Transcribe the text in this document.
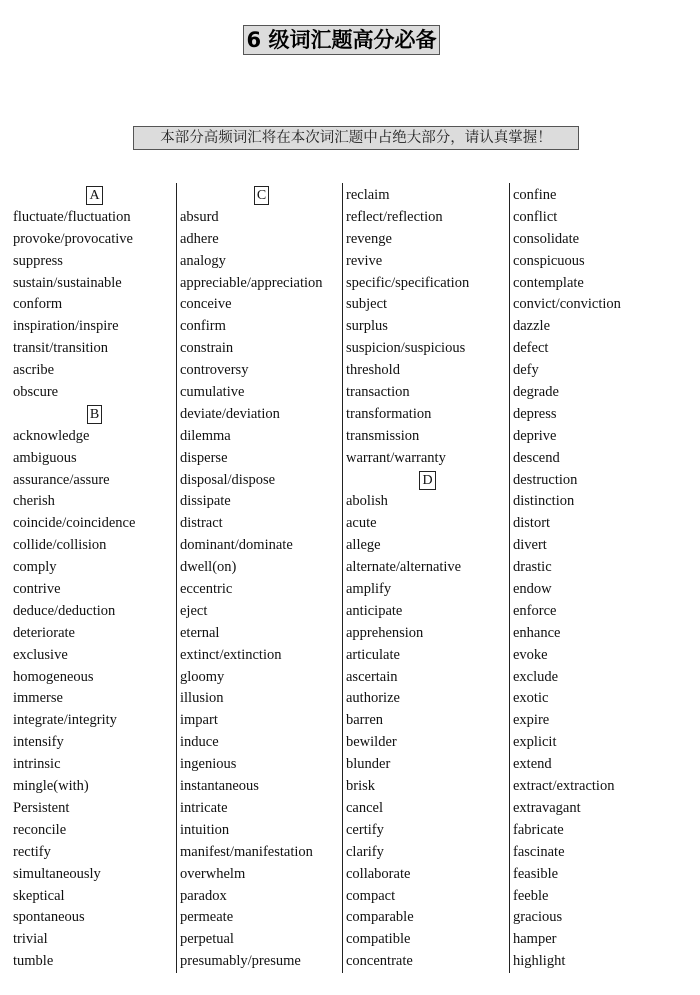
6 级词汇题高分必备
本部分高频词汇将在本次词汇题中占绝大部分，请认真掌握！
A
fluctuate/fluctuation
provoke/provocative
suppress
sustain/sustainable
conform
inspiration/inspire
transit/transition
ascribe
obscure
B
acknowledge
ambiguous
assurance/assure
cherish
coincide/coincidence
collide/collision
comply
contrive
deduce/deduction
deteriorate
exclusive
homogeneous
immerse
integrate/integrity
intensify
intrinsic
mingle(with)
Persistent
reconcile
rectify
simultaneously
skeptical
spontaneous
trivial
tumble
C
absurd
adhere
analogy
appreciable/appreciation
conceive
confirm
constrain
controversy
cumulative
deviate/deviation
dilemma
disperse
disposal/dispose
dissipate
distract
dominant/dominate
dwell(on)
eccentric
eject
eternal
extinct/extinction
gloomy
illusion
impart
induce
ingenious
instantaneous
intricate
intuition
manifest/manifestation
overwhelm
paradox
permeate
perpetual
presumably/presume
reclaim
reflect/reflection
revenge
revive
specific/specification
subject
surplus
suspicion/suspicious
threshold
transaction
transformation
transmission
warrant/warranty
D
abolish
acute
allege
alternate/alternative
amplify
anticipate
apprehension
articulate
ascertain
authorize
barren
bewilder
blunder
brisk
cancel
certify
clarify
collaborate
compact
comparable
compatible
concentrate
confine
conflict
consolidate
conspicuous
contemplate
convict/conviction
dazzle
defect
defy
degrade
depress
deprive
descend
destruction
distinction
distort
divert
drastic
endow
enforce
enhance
evoke
exclude
exotic
expire
explicit
extend
extract/extraction
extravagant
fabricate
fascinate
feasible
feeble
gracious
hamper
highlight
